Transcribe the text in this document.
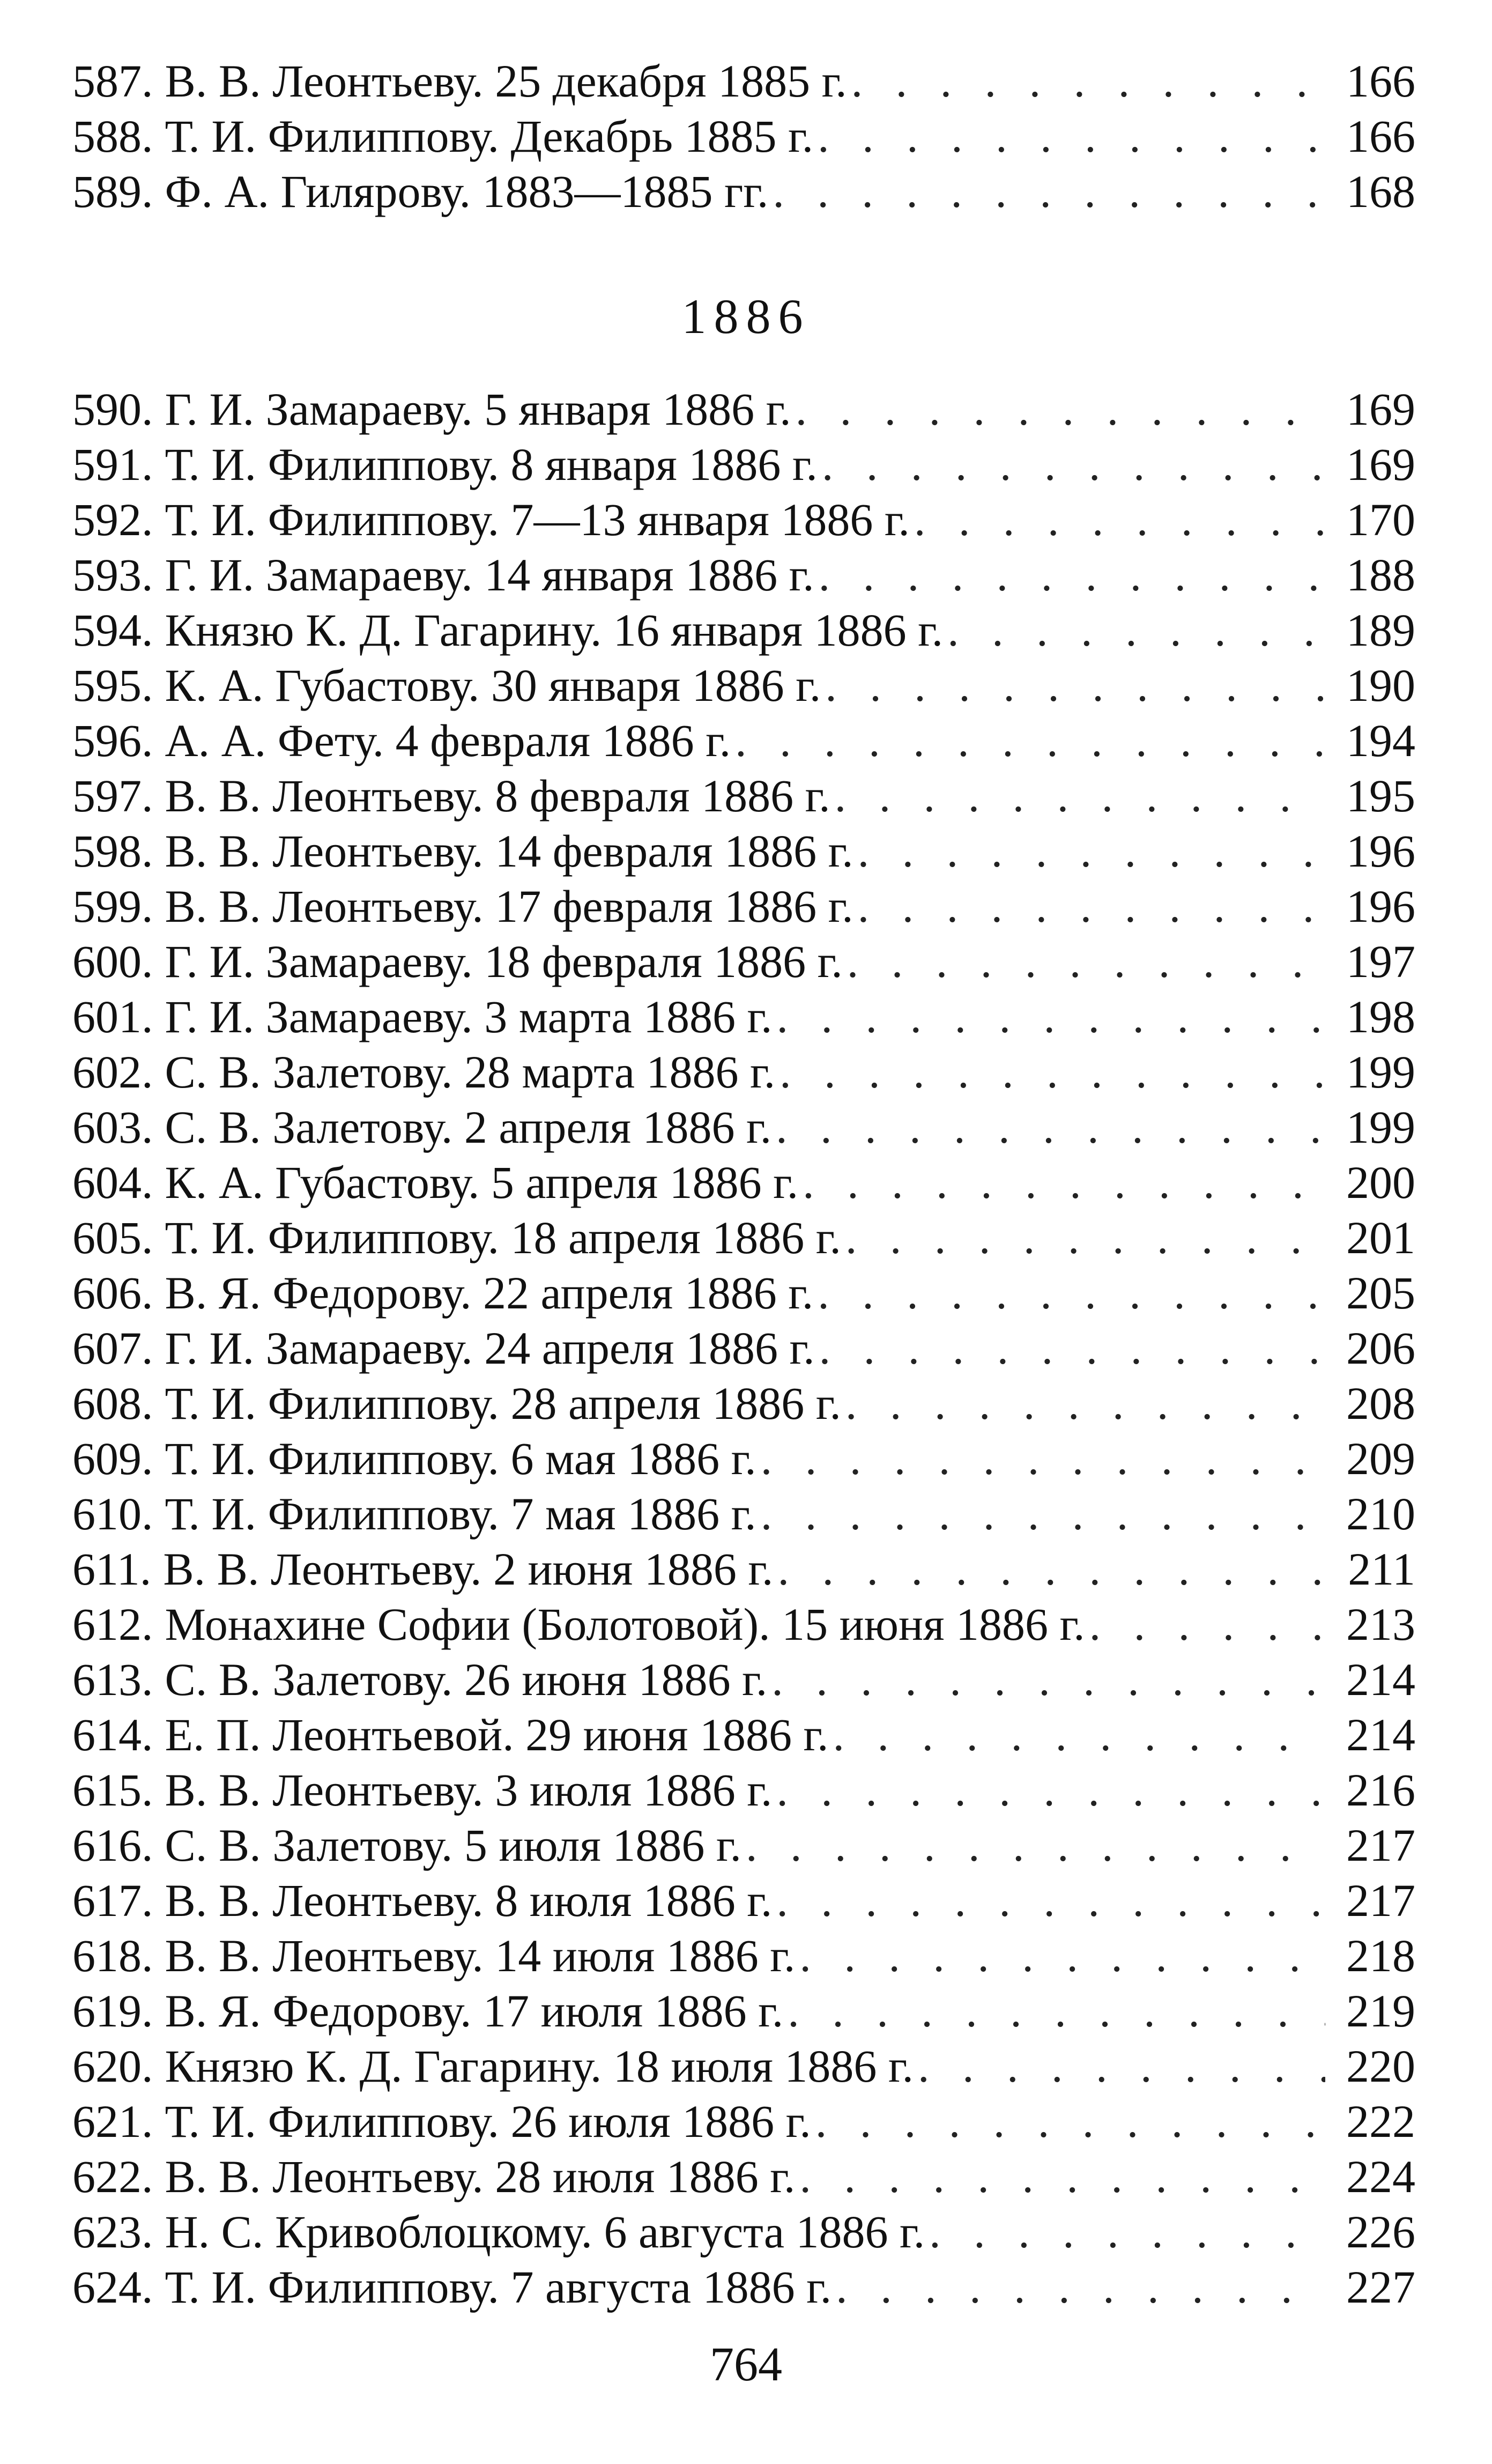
587. В. В. Леонтьеву. 25 декабря 1885 г. . . .	166
588. Т. И. Филиппову. Декабрь 1885 г. . . .	166
589. Ф. А. Гилярову. 1883—1885 гг. . . .	168
1886
590. Г. И. Замараеву. 5 января 1886 г. . . .	169
591. Т. И. Филиппову. 8 января 1886 г. . . .	169
592. Т. И. Филиппову. 7—13 января 1886 г. . . .	170
593. Г. И. Замараеву. 14 января 1886 г. . . .	188
594. Князю К. Д. Гагарину. 16 января 1886 г. . . .	189
595. К. А. Губастову. 30 января 1886 г. . . .	190
596. А. А. Фету. 4 февраля 1886 г. . . .	194
597. В. В. Леонтьеву. 8 февраля 1886 г. . . .	195
598. В. В. Леонтьеву. 14 февраля 1886 г. . . .	196
599. В. В. Леонтьеву. 17 февраля 1886 г. . . .	196
600. Г. И. Замараеву. 18 февраля 1886 г. . . .	197
601. Г. И. Замараеву. 3 марта 1886 г. . . .	198
602. С. В. Залетову. 28 марта 1886 г. . . .	199
603. С. В. Залетову. 2 апреля 1886 г. . . .	199
604. К. А. Губастову. 5 апреля 1886 г. . . .	200
605. Т. И. Филиппову. 18 апреля 1886 г. . . .	201
606. В. Я. Федорову. 22 апреля 1886 г. . . .	205
607. Г. И. Замараеву. 24 апреля 1886 г. . . .	206
608. Т. И. Филиппову. 28 апреля 1886 г. . . .	208
609. Т. И. Филиппову. 6 мая 1886 г. . . .	209
610. Т. И. Филиппову. 7 мая 1886 г. . . .	210
611. В. В. Леонтьеву. 2 июня 1886 г. . . .	211
612. Монахине Софии (Болотовой). 15 июня 1886 г. . . .	213
613. С. В. Залетову. 26 июня 1886 г. . . .	214
614. Е. П. Леонтьевой. 29 июня 1886 г. . . .	214
615. В. В. Леонтьеву. 3 июля 1886 г. . . .	216
616. С. В. Залетову. 5 июля 1886 г. . . .	217
617. В. В. Леонтьеву. 8 июля 1886 г. . . .	217
618. В. В. Леонтьеву. 14 июля 1886 г. . . .	218
619. В. Я. Федорову. 17 июля 1886 г. . . .	219
620. Князю К. Д. Гагарину. 18 июля 1886 г. . . .	220
621. Т. И. Филиппову. 26 июля 1886 г. . . .	222
622. В. В. Леонтьеву. 28 июля 1886 г. . . .	224
623. Н. С. Кривоблоцкому. 6 августа 1886 г. . . .	226
624. Т. И. Филиппову. 7 августа 1886 г. . . .	227
764
